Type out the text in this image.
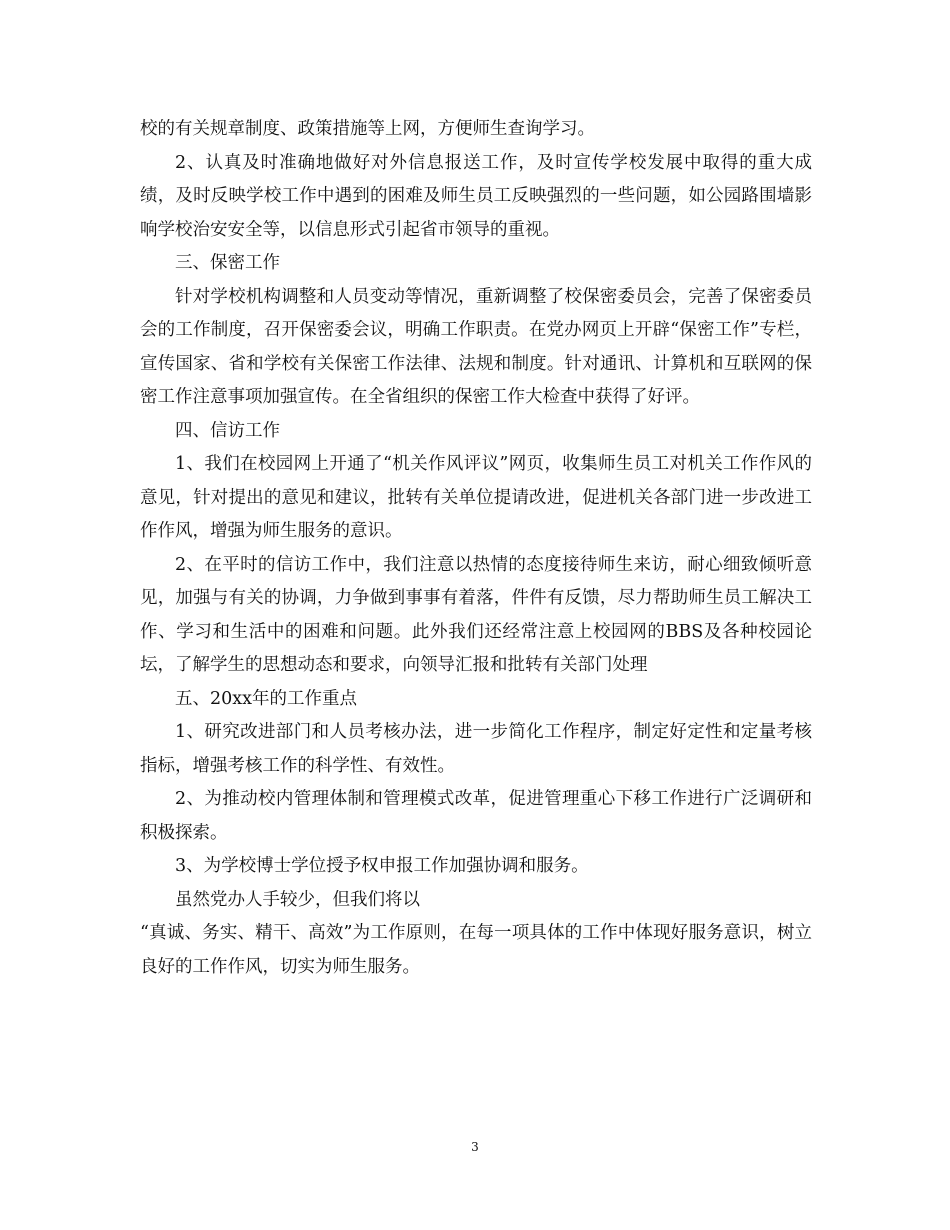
校的有关规章制度、政策措施等上网，方便师生查询学习。

2、认真及时准确地做好对外信息报送工作，及时宣传学校发展中取得的重大成绩，及时反映学校工作中遇到的困难及师生员工反映强烈的一些问题，如公园路围墙影响学校治安安全等，以信息形式引起省市领导的重视。

三、保密工作

针对学校机构调整和人员变动等情况，重新调整了校保密委员会，完善了保密委员会的工作制度，召开保密委会议，明确工作职责。在党办网页上开辟“保密工作”专栏，宣传国家、省和学校有关保密工作法律、法规和制度。针对通讯、计算机和互联网的保密工作注意事项加强宣传。在全省组织的保密工作大检查中获得了好评。

四、信访工作

1、我们在校园网上开通了“机关作风评议”网页，收集师生员工对机关工作作风的意见，针对提出的意见和建议，批转有关单位提请改进，促进机关各部门进一步改进工作作风，增强为师生服务的意识。

2、在平时的信访工作中，我们注意以热情的态度接待师生来访，耐心细致倾听意见，加强与有关的协调，力争做到事事有着落，件件有反馈，尽力帮助师生员工解决工作、学习和生活中的困难和问题。此外我们还经常注意上校园网的BBS及各种校园论坛，了解学生的思想动态和要求，向领导汇报和批转有关部门处理

五、20xx年的工作重点

1、研究改进部门和人员考核办法，进一步简化工作程序，制定好定性和定量考核指标，增强考核工作的科学性、有效性。

2、为推动校内管理体制和管理模式改革，促进管理重心下移工作进行广泛调研和积极探索。

3、为学校博士学位授予权申报工作加强协调和服务。

虽然党办人手较少，但我们将以

“真诚、务实、精干、高效”为工作原则，在每一项具体的工作中体现好服务意识，树立良好的工作作风，切实为师生服务。

3
